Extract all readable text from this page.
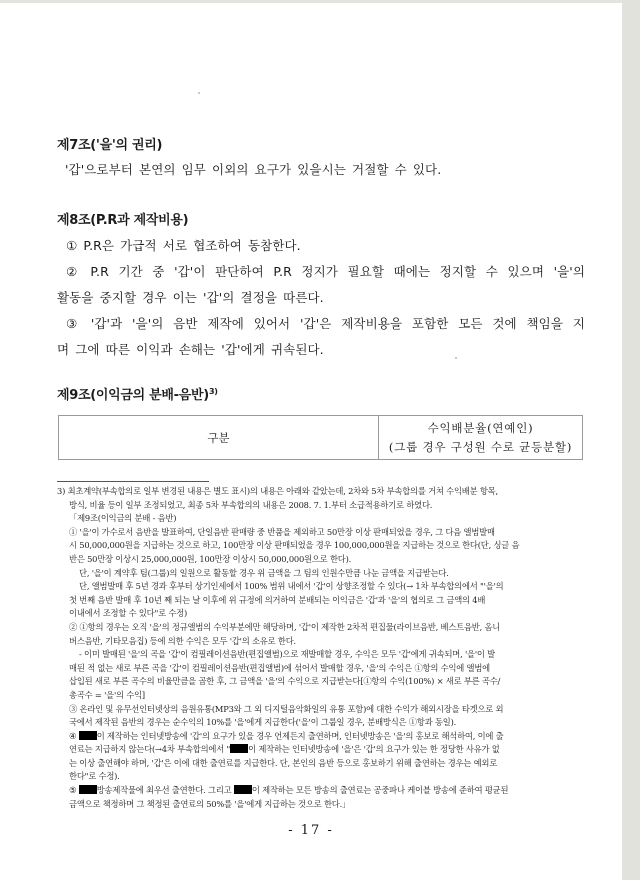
제7조('을'의 권리)
'갑'으로부터 본연의 임무 이외의 요구가 있을시는 거절할 수 있다.
제8조(P.R과 제작비용)
① P.R은 가급적 서로 협조하여 동참한다.
② P.R 기간 중 '갑'이 판단하여 P.R 정지가 필요할 때에는 정지할 수 있으며 '을'의
활동을 중지할 경우 이는 '갑'의 결정을 따른다.
③ '갑'과 '을'의 음반 제작에 있어서 '갑'은 제작비용을 포함한 모든 것에 책임을 지
며 그에 따른 이익과 손해는 '갑'에게 귀속된다.
제9조(이익금의 분배-음반)$^{3)}$
구분
수익배분율(연예인)
(그룹 경우 구성원 수로 균등분할)
3) 최초계약(부속합의로 일부 변경된 내용은 별도 표시)의 내용은 아래와 같았는데, 2차와 5차 부속합의를 거쳐 수익배분 항목,
방식, 비율 등이 일부 조정되었고, 최종 5차 부속합의의 내용은 2008. 7. 1.부터 소급적용하기로 하였다.
「제9조(이익금의 분배 - 음반)
① '을'이 가수로서 음반을 발표하여, 단일음반 판매량 중 반품을 제외하고 50만장 이상 판매되었을 경우, 그 다음 앨범발매
시 50,000,000원을 지급하는 것으로 하고, 100만장 이상 판매되었을 경우 100,000,000원을 지급하는 것으로 한다(단, 싱글 음
반은 50만장 이상시 25,000,000원, 100만장 이상시 50,000,000원으로 한다).
단, '을'이 계약후 팀(그룹)의 일원으로 활동할 경우 위 금액을 그 팀의 인원수만큼 나눈 금액을 지급받는다.
단, 앨범발매 후 5년 경과 후부터 상기인세에서 100% 범위 내에서 '갑'이 상향조정할 수 있다(→ 1차 부속합의에서 "'을'의
첫 번째 음반 발매 후 10년 째 되는 날 이후에 위 규정에 의거하여 분배되는 이익금은 '갑'과 '을'의 협의로 그 금액의 4배
이내에서 조정할 수 있다"로 수정)
② ①항의 경우는 오직 '을'의 정규앨범의 수익부분에만 해당하며, '갑'이 제작한 2차적 편집물(라이브음반, 베스트음반, 옴니
버스음반, 기타모음집) 등에 의한 수익은 모두 '갑'의 소유로 한다.
- 이미 발매된 '을'의 곡을 '갑'이 컴필레이션음반(편집앨범)으로 재발매할 경우, 수익은 모두 '갑'에게 귀속되며, '을'이 발
매된 적 없는 새로 부른 곡을 '갑'이 컴필레이션음반(편집앨범)에 섞어서 발매할 경우, '을'의 수익은 ①항의 수익에 앨범에
삽입된 새로 부른 곡수의 비율만큼을 곱한 후, 그 금액을 '을'의 수익으로 지급받는다[①항의 수익(100%) × 새로 부른 곡수/
총곡수 = '을'의 수익]
③ 온라인 및 유무선인터넷상의 음원유통(MP3와 그 외 디지털음악화일의 유통 포함)에 대한 수익가 해외시장을 타겟으로 외
국에서 제작된 음반의 경우는 순수익의 10%를 '을'에게 지급한다('을'이 그룹일 경우, 분배방식은 ①항과 동일).
④ 이 제작하는 인터넷방송에 '갑'의 요구가 있을 경우 언제든지 출연하며, 인터넷방송은 '을'의 홍보로 해석하여, 이에 출
연료는 지급하지 않는다(→4차 부속합의에서 " 이 제작하는 인터넷방송에 '을'은 '갑'의 요구가 있는 한 정당한 사유가 없
는 이상 출연해야 하며, '갑'은 이에 대한 출연료를 지급한다. 단, 본인의 음반 등으로 홍보하기 위해 출연하는 경우는 예외로
한다"로 수정).
⑤ 방송제작물에 최우선 출연한다. 그리고 이 제작하는 모든 방송의 출연료는 공중파나 케이블 방송에 준하여 평균된
금액으로 책정하며 그 책정된 출연료의 50%를 '을'에게 지급하는 것으로 한다.」
- 17 -
